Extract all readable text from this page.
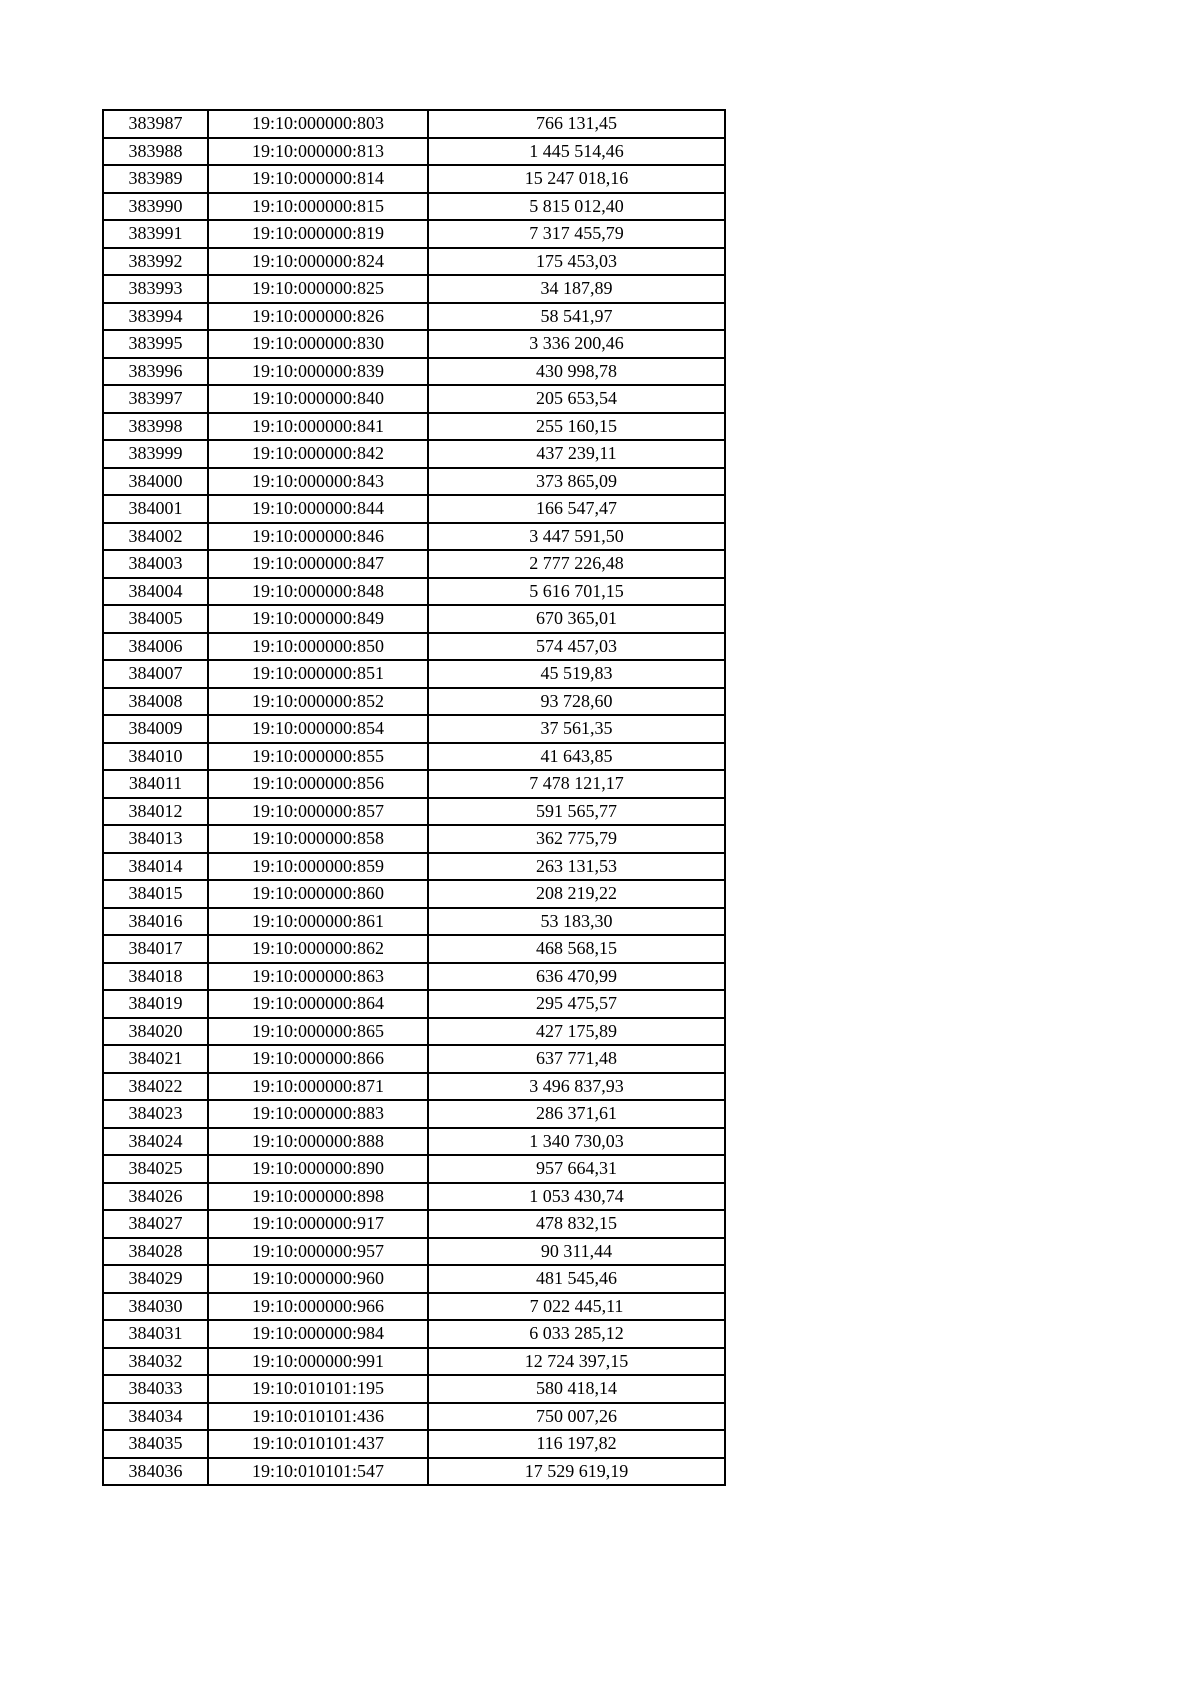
383987	19:10:000000:803	766 131,45
383988	19:10:000000:813	1 445 514,46
383989	19:10:000000:814	15 247 018,16
383990	19:10:000000:815	5 815 012,40
383991	19:10:000000:819	7 317 455,79
383992	19:10:000000:824	175 453,03
383993	19:10:000000:825	34 187,89
383994	19:10:000000:826	58 541,97
383995	19:10:000000:830	3 336 200,46
383996	19:10:000000:839	430 998,78
383997	19:10:000000:840	205 653,54
383998	19:10:000000:841	255 160,15
383999	19:10:000000:842	437 239,11
384000	19:10:000000:843	373 865,09
384001	19:10:000000:844	166 547,47
384002	19:10:000000:846	3 447 591,50
384003	19:10:000000:847	2 777 226,48
384004	19:10:000000:848	5 616 701,15
384005	19:10:000000:849	670 365,01
384006	19:10:000000:850	574 457,03
384007	19:10:000000:851	45 519,83
384008	19:10:000000:852	93 728,60
384009	19:10:000000:854	37 561,35
384010	19:10:000000:855	41 643,85
384011	19:10:000000:856	7 478 121,17
384012	19:10:000000:857	591 565,77
384013	19:10:000000:858	362 775,79
384014	19:10:000000:859	263 131,53
384015	19:10:000000:860	208 219,22
384016	19:10:000000:861	53 183,30
384017	19:10:000000:862	468 568,15
384018	19:10:000000:863	636 470,99
384019	19:10:000000:864	295 475,57
384020	19:10:000000:865	427 175,89
384021	19:10:000000:866	637 771,48
384022	19:10:000000:871	3 496 837,93
384023	19:10:000000:883	286 371,61
384024	19:10:000000:888	1 340 730,03
384025	19:10:000000:890	957 664,31
384026	19:10:000000:898	1 053 430,74
384027	19:10:000000:917	478 832,15
384028	19:10:000000:957	90 311,44
384029	19:10:000000:960	481 545,46
384030	19:10:000000:966	7 022 445,11
384031	19:10:000000:984	6 033 285,12
384032	19:10:000000:991	12 724 397,15
384033	19:10:010101:195	580 418,14
384034	19:10:010101:436	750 007,26
384035	19:10:010101:437	116 197,82
384036	19:10:010101:547	17 529 619,19
